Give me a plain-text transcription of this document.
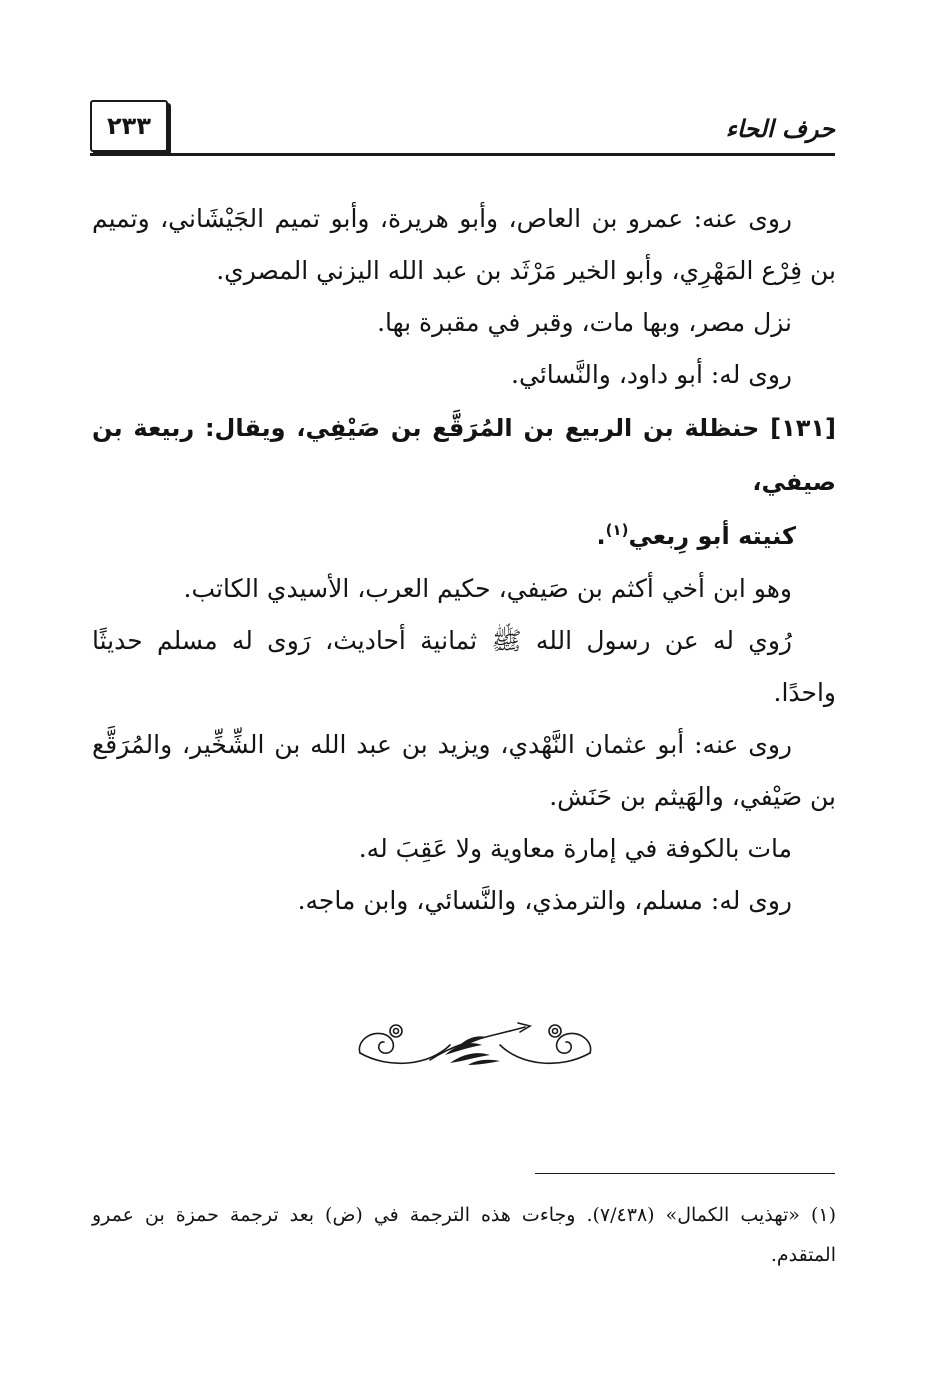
٢٣٣	حرف الحاء

روى عنه: عمرو بن العاص، وأبو هريرة، وأبو تميم الجَيْشَاني، وتميم بن فِرْع المَهْرِي، وأبو الخير مَرْثَد بن عبد الله اليزني المصري.

نزل مصر، وبها مات، وقبر في مقبرة بها.

روى له: أبو داود، والنَّسائي.

[١٣١] حنظلة بن الربيع بن المُرَقَّع بن صَيْفِي، ويقال: ربيعة بن صيفي،
كنيته أبو رِبعي$^{(١)}$.

وهو ابن أخي أكثم بن صَيفي، حكيم العرب، الأسيدي الكاتب.

رُوي له عن رسول الله ﷺ ثمانية أحاديث، رَوى له مسلم حديثًا واحدًا.

روى عنه: أبو عثمان النَّهْدي، ويزيد بن عبد الله بن الشِّخِّير، والمُرَقَّع بن صَيْفي، والهَيثم بن حَنَش.

مات بالكوفة في إمارة معاوية ولا عَقِبَ له.

روى له: مسلم، والترمذي، والنَّسائي، وابن ماجه.

(١) «تهذيب الكمال» (٧/٤٣٨). وجاءت هذه الترجمة في (ض) بعد ترجمة حمزة بن عمرو المتقدم.
